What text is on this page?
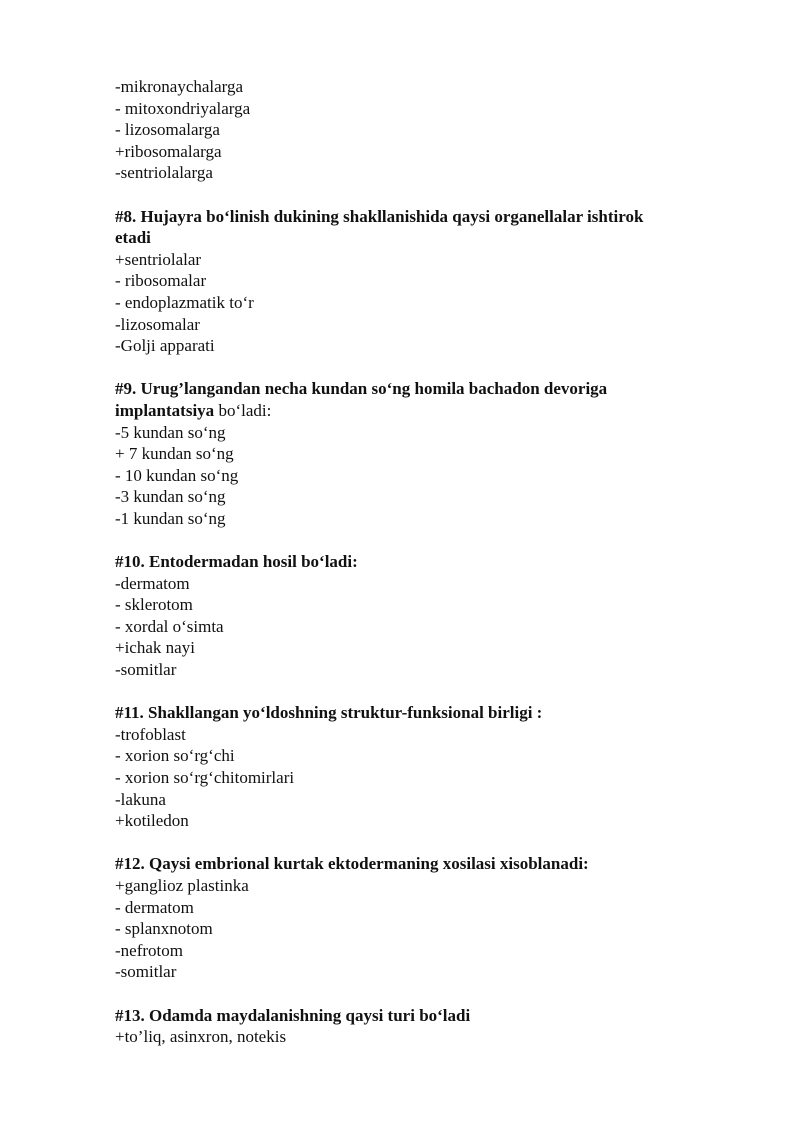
-mikronaychalarga
- mitoxondriyalarga
- lizosomalarga
+ribosomalarga
-sentriolalarga
#8. Hujayra bo‘linish dukining shakllanishida qaysi organellalar ishtirok
etadi
+sentriolalar
- ribosomalar
- endoplazmatik to‘r
-lizosomalar
-Golji apparati
#9. Urug’langandan necha kundan so‘ng homila bachadon devoriga
implantatsiya bo‘ladi:
-5 kundan so‘ng
+ 7 kundan so‘ng
- 10 kundan so‘ng
-3 kundan so‘ng
-1 kundan so‘ng
#10. Entodermadan hosil bo‘ladi:
-dermatom
- sklerotom
- xordal o‘simta
+ichak nayi
-somitlar
#11. Shakllangan yo‘ldoshning struktur-funksional birligi :
-trofoblast
- xorion so‘rg‘chi
- xorion so‘rg‘chitomirlari
-lakuna
+kotiledon
#12. Qaysi embrional kurtak ektodermaning xosilasi xisoblanadi:
+ganglioz plastinka
- dermatom
- splanxnotom
-nefrotom
-somitlar
#13. Odamda maydalanishning qaysi turi bo‘ladi
+to’liq, asinxron, notekis
